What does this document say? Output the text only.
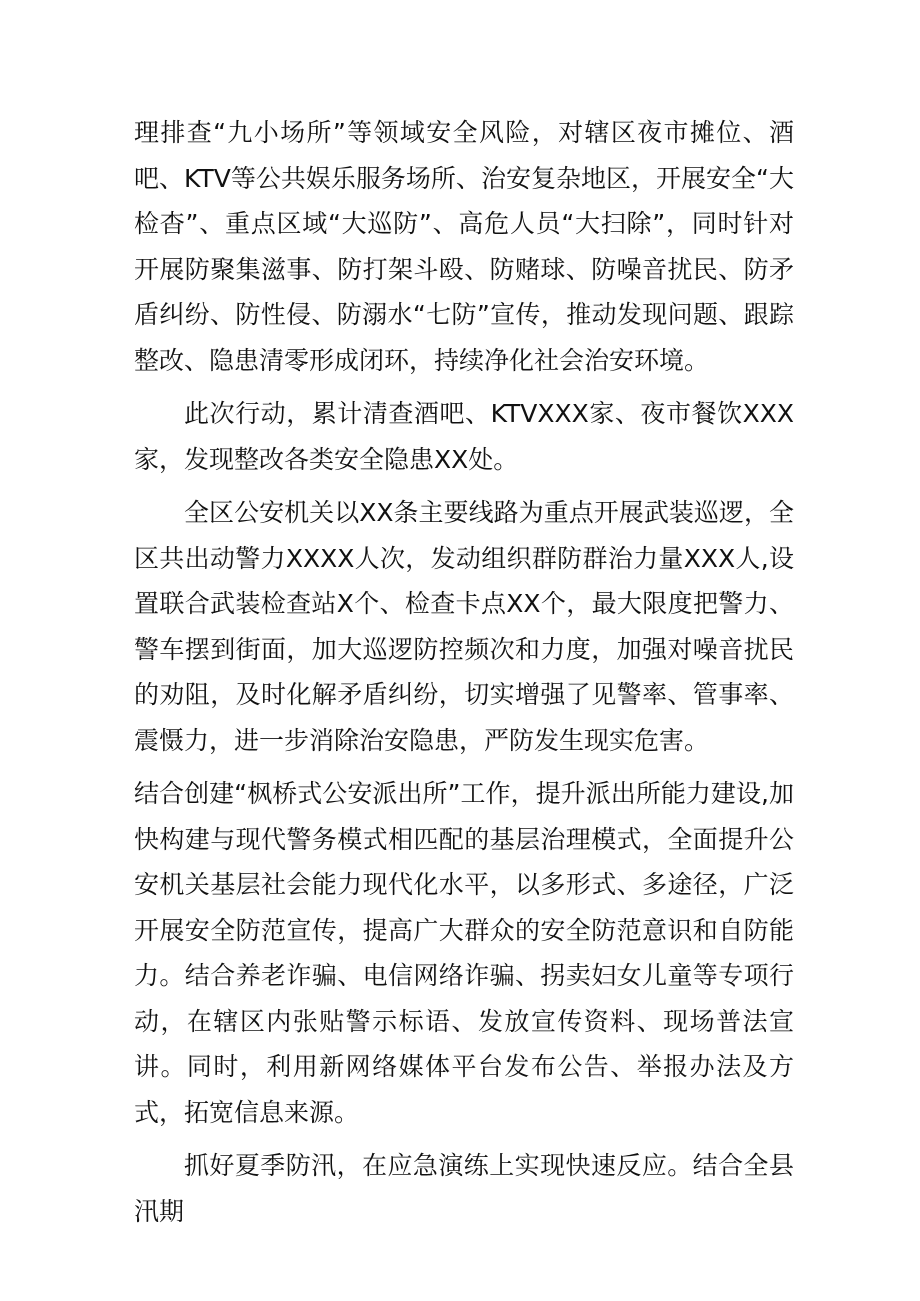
理排查“九小场所”等领域安全风险，对辖区夜市摊位、酒吧、KTV等公共娱乐服务场所、治安复杂地区，开展安全“大检杳”、重点区域“大巡防”、高危人员“大扫除”，同时针对开展防聚集滋事、防打架斗殴、防赌球、防噪音扰民、防矛盾纠纷、防性侵、防溺水“七防”宣传，推动发现问题、跟踪整改、隐患清零形成闭环，持续净化社会治安环境。

此次行动，累计清查酒吧、KTVXXX家、夜市餐饮XXX家，发现整改各类安全隐患XX处。

全区公安机关以XX条主要线路为重点开展武装巡逻，全区共出动警力XXXX人次，发动组织群防群治力量XXX人,设置联合武装检查站X个、检查卡点XX个，最大限度把警力、警车摆到街面，加大巡逻防控频次和力度，加强对噪音扰民的劝阻，及时化解矛盾纠纷，切实增强了见警率、管事率、震慑力，进一步消除治安隐患，严防发生现实危害。

结合创建“枫桥式公安派出所”工作，提升派出所能力建设,加快构建与现代警务模式相匹配的基层治理模式，全面提升公安机关基层社会能力现代化水平，以多形式、多途径，广泛开展安全防范宣传，提高广大群众的安全防范意识和自防能力。结合养老诈骗、电信网络诈骗、拐卖妇女儿童等专项行动，在辖区内张贴警示标语、发放宣传资料、现场普法宣讲。同时，利用新网络媒体平台发布公告、举报办法及方式，拓宽信息来源。

抓好夏季防汛，在应急演练上实现快速反应。结合全县汛期
